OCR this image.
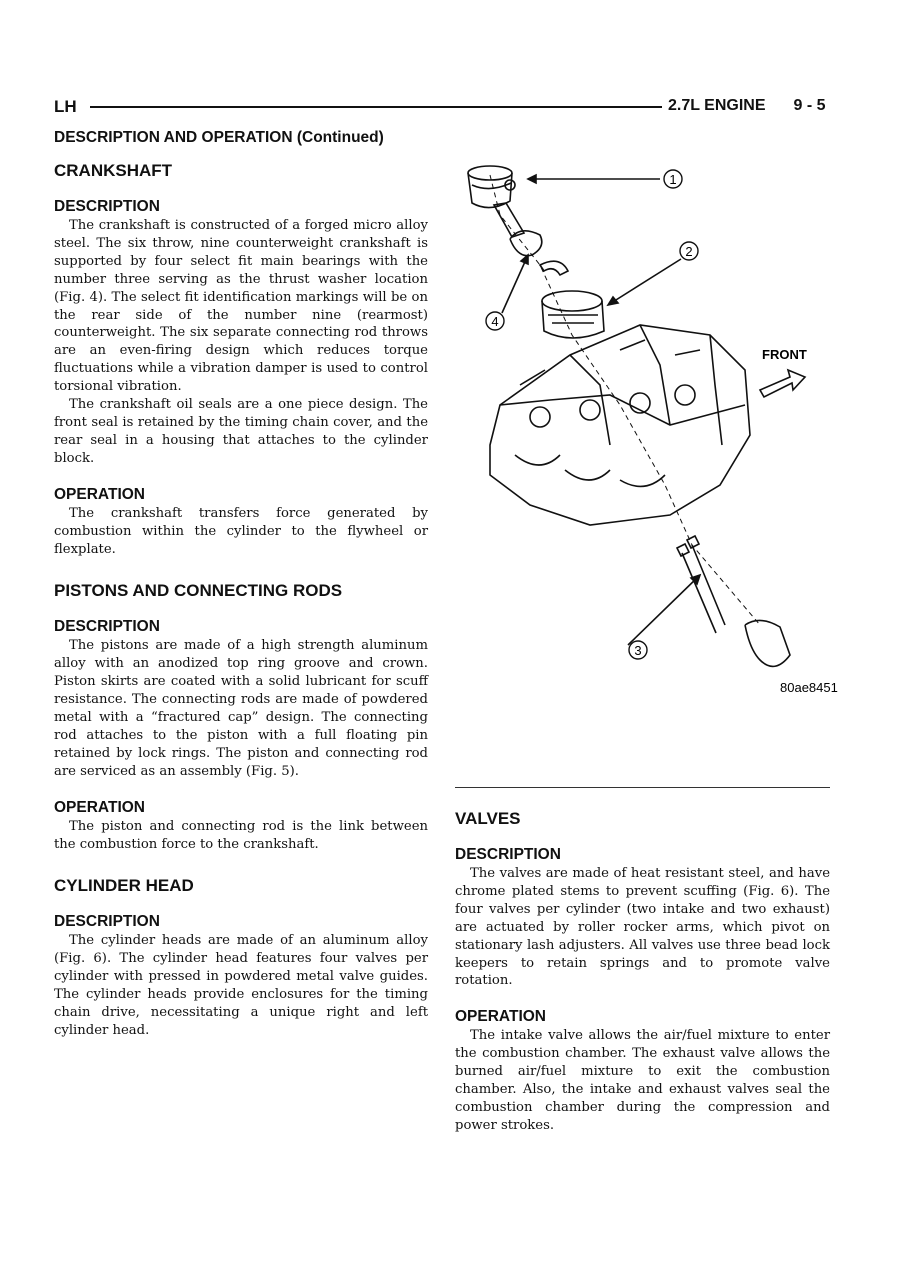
LH	2.7L ENGINE 9 - 5
DESCRIPTION AND OPERATION (Continued)
CRANKSHAFT
DESCRIPTION

The crankshaft is constructed of a forged micro alloy steel. The six throw, nine counterweight crankshaft is supported by four select fit main bearings with the number three serving as the thrust washer location (Fig. 4). The select fit identification markings will be on the rear side of the number nine (rearmost) counterweight. The six separate connecting rod throws are an even-firing design which reduces torque fluctuations while a vibration damper is used to control torsional vibration.

The crankshaft oil seals are a one piece design. The front seal is retained by the timing chain cover, and the rear seal in a housing that attaches to the cylinder block.

OPERATION

The crankshaft transfers force generated by combustion within the cylinder to the flywheel or flexplate.

PISTONS AND CONNECTING RODS
DESCRIPTION

The pistons are made of a high strength aluminum alloy with an anodized top ring groove and crown. Piston skirts are coated with a solid lubricant for scuff resistance. The connecting rods are made of powdered metal with a “fractured cap” design. The connecting rod attaches to the piston with a full floating pin retained by lock rings. The piston and connecting rod are serviced as an assembly (Fig. 5).

OPERATION

The piston and connecting rod is the link between the combustion force to the crankshaft.

CYLINDER HEAD
DESCRIPTION

The cylinder heads are made of an aluminum alloy (Fig. 6). The cylinder head features four valves per cylinder with pressed in powdered metal valve guides. The cylinder heads provide enclosures for the timing chain drive, necessitating a unique right and left cylinder head.

1
2
3
4
FRONT
80ae8451
VALVES
DESCRIPTION

The valves are made of heat resistant steel, and have chrome plated stems to prevent scuffing (Fig. 6). The four valves per cylinder (two intake and two exhaust) are actuated by roller rocker arms, which pivot on stationary lash adjusters. All valves use three bead lock keepers to retain springs and to promote valve rotation.

OPERATION

The intake valve allows the air/fuel mixture to enter the combustion chamber. The exhaust valve allows the burned air/fuel mixture to exit the combustion chamber. Also, the intake and exhaust valves seal the combustion chamber during the compression and power strokes.
